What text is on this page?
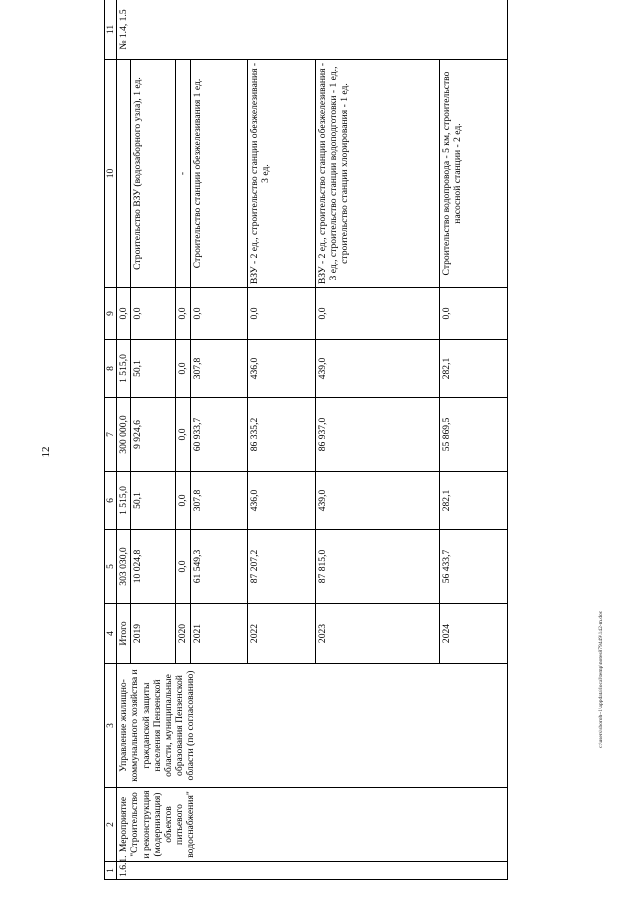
12
1	2	3	4	5	6	7	8	9	10	11
1.6.1.	Мероприятие "Строительство и реконструкция (модернизация) объектов питьевого водоснабжения"	Управление жилищно-коммунального хозяйства и гражданской защиты населения Пензенской области, муниципальные образования Пензенской области (по согласованию)	Итого	303 030,0	1 515,0	300 000,0	1 515,0	0,0		№ 1.4, 1.5
			2019	10 024,8	50,1	9 924,6	50,1	0,0	Строительство ВЗУ (водозаборного узла), 1 ед.	
			2020	0,0	0,0	0,0	0,0	0,0	-	
			2021	61 549,3	307,8	60 933,7	307,8	0,0	Строительство станции обезжелезивания 1 ед.	
			2022	87 207,2	436,0	86 335,2	436,0	0,0	ВЗУ - 2 ед., строительство станции обезжелезивания - 3 ед.	
			2023	87 815,0	439,0	86 937,0	439,0	0,0	ВЗУ - 2 ед., строительство станции обезжелезивания - 3 ед., строительство станции водоподготовки - 1 ед., строительство станции хлорирования - 1 ед.	
			2024	56 433,7	282,1	55 869,5	282,1	0,0	Строительство водопровода - 5 км, строительство насосной станции - 2 ед.	
c:\users\sboroh~1\appdata\local\temp\notes879449\142-m.doc
